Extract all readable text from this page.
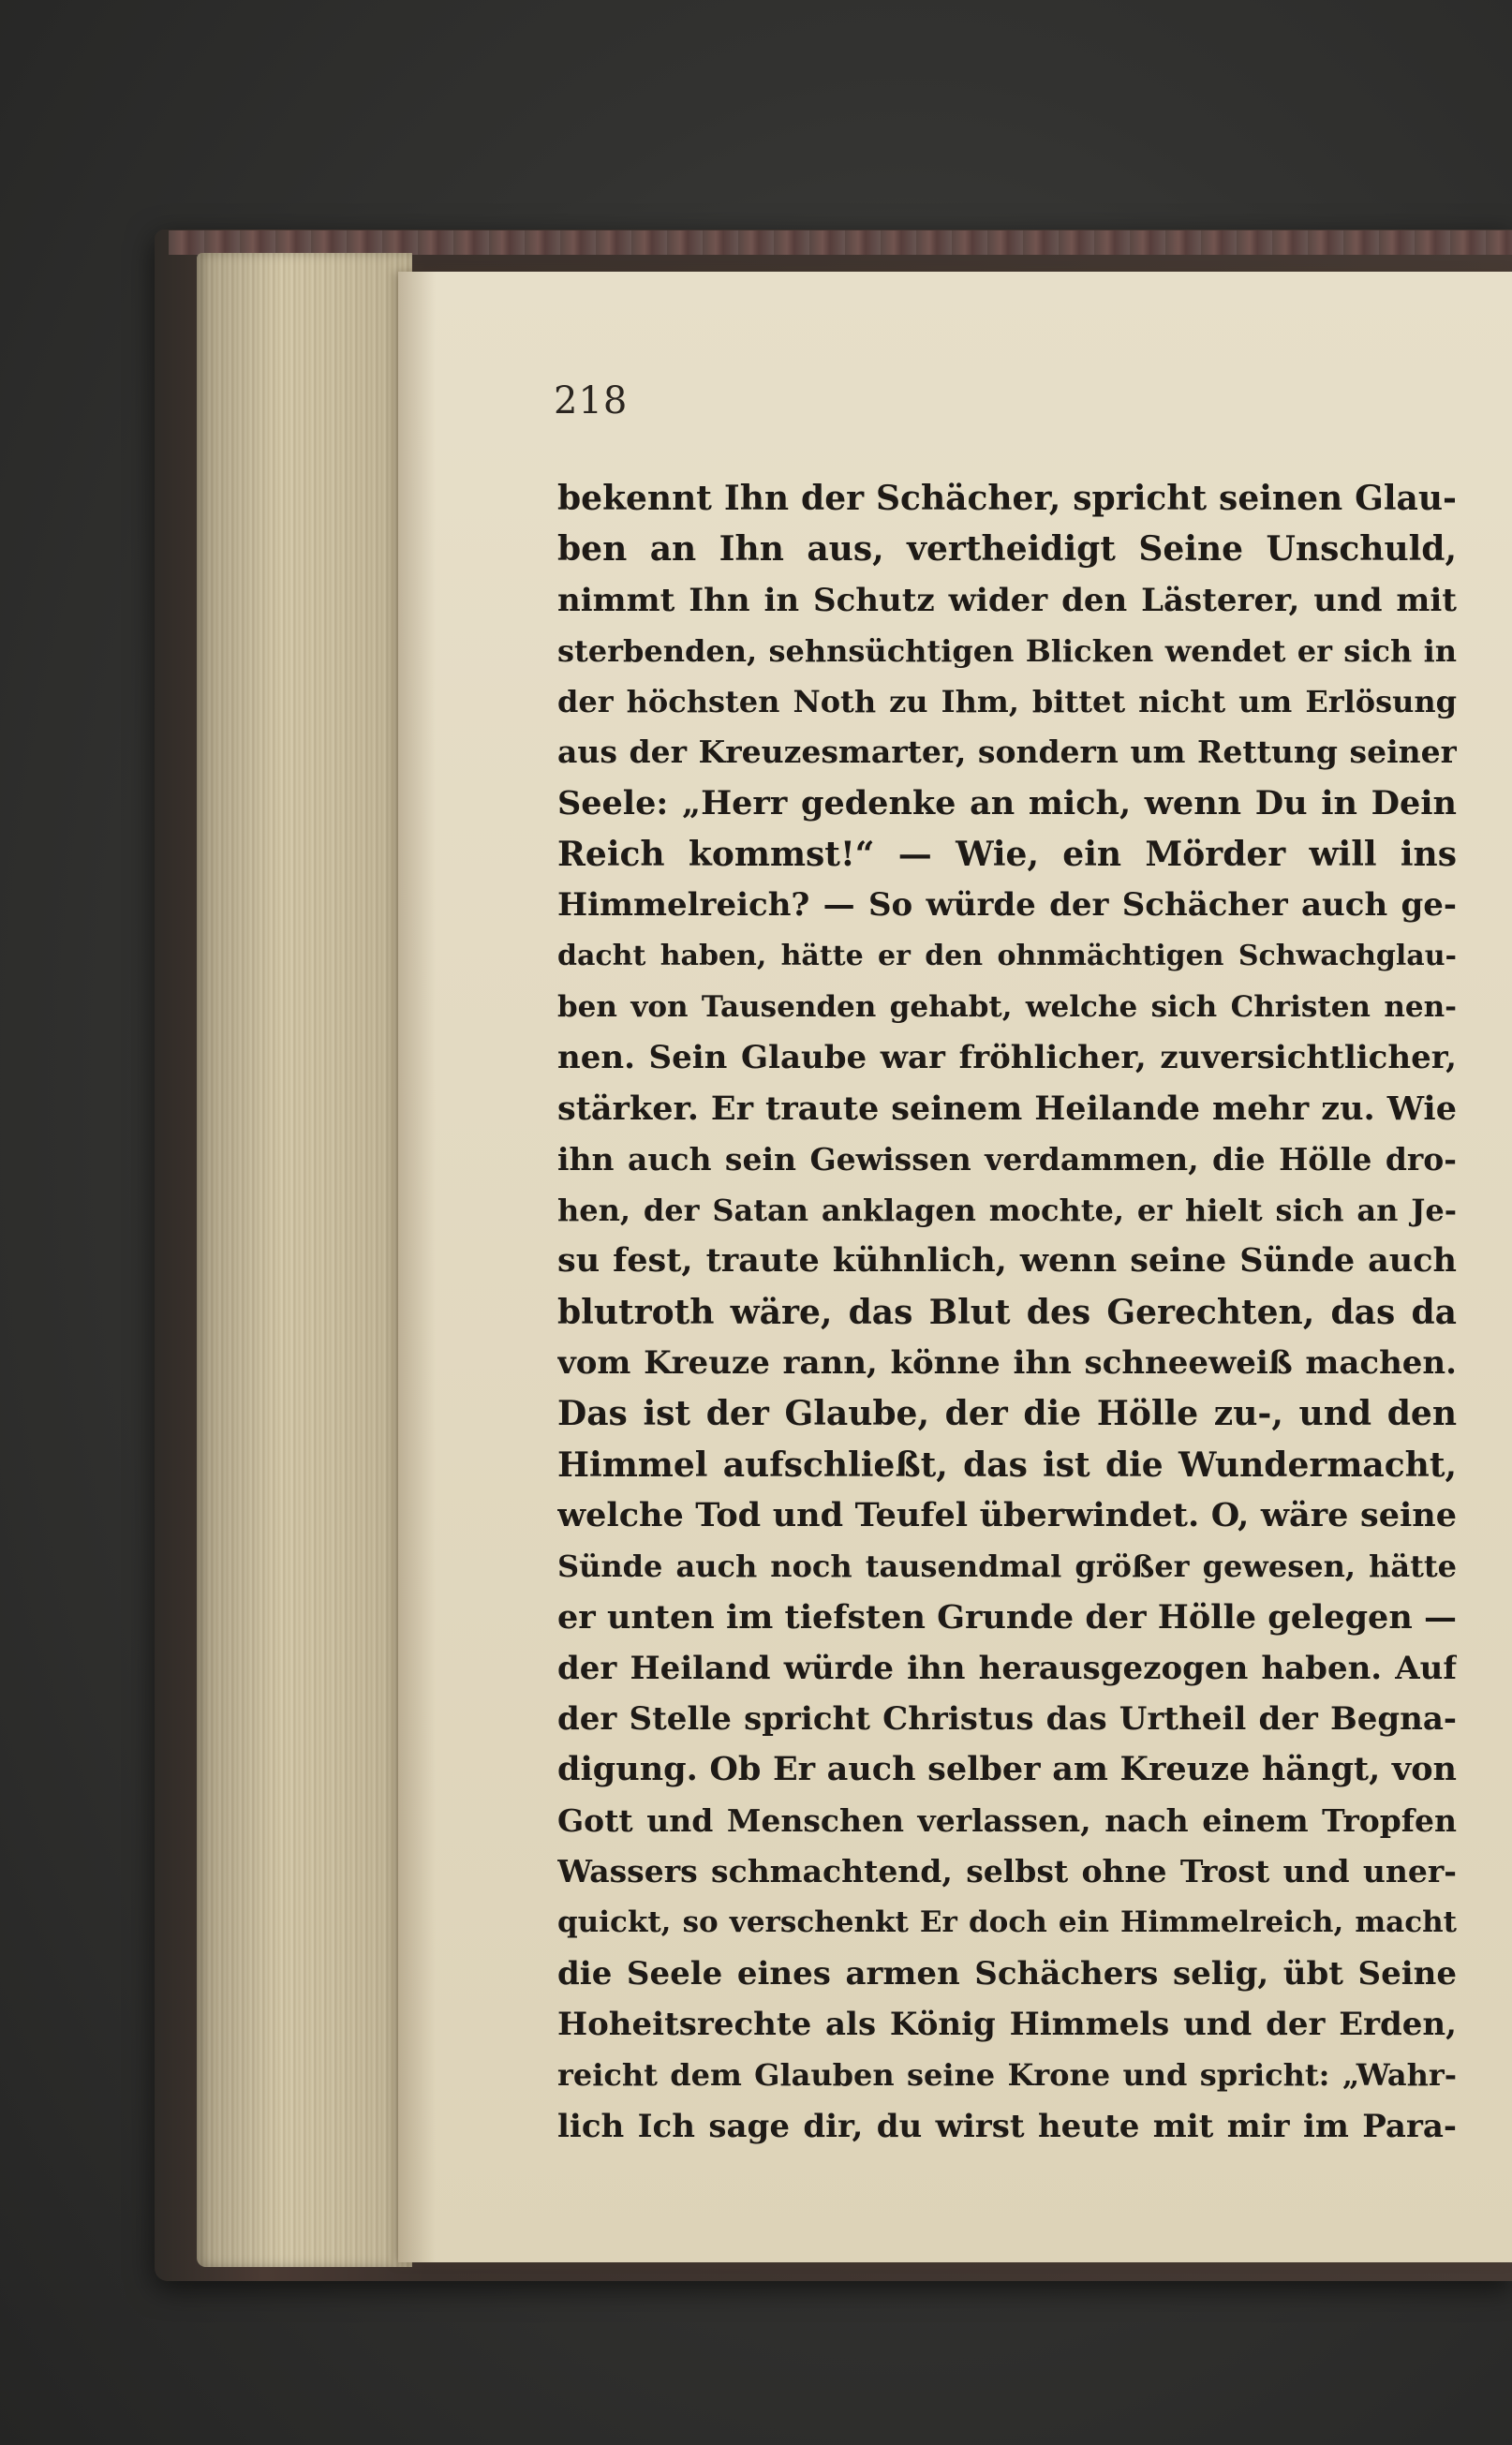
218
bekennt Ihn der Schächer, spricht seinen Glau-
ben an Ihn aus, vertheidigt Seine Unschuld,
nimmt Ihn in Schutz wider den Lästerer, und mit
sterbenden, sehnsüchtigen Blicken wendet er sich in
der höchsten Noth zu Ihm, bittet nicht um Erlösung
aus der Kreuzesmarter, sondern um Rettung seiner
Seele: „Herr gedenke an mich, wenn Du in Dein
Reich kommst!“ — Wie, ein Mörder will ins
Himmelreich? — So würde der Schächer auch ge-
dacht haben, hätte er den ohnmächtigen Schwachglau-
ben von Tausenden gehabt, welche sich Christen nen-
nen. Sein Glaube war fröhlicher, zuversichtlicher,
stärker. Er traute seinem Heilande mehr zu. Wie
ihn auch sein Gewissen verdammen, die Hölle dro-
hen, der Satan anklagen mochte, er hielt sich an Je-
su fest, traute kühnlich, wenn seine Sünde auch
blutroth wäre, das Blut des Gerechten, das da
vom Kreuze rann, könne ihn schneeweiß machen.
Das ist der Glaube, der die Hölle zu-, und den
Himmel aufschließt, das ist die Wundermacht,
welche Tod und Teufel überwindet. O, wäre seine
Sünde auch noch tausendmal größer gewesen, hätte
er unten im tiefsten Grunde der Hölle gelegen —
der Heiland würde ihn herausgezogen haben. Auf
der Stelle spricht Christus das Urtheil der Begna-
digung. Ob Er auch selber am Kreuze hängt, von
Gott und Menschen verlassen, nach einem Tropfen
Wassers schmachtend, selbst ohne Trost und uner-
quickt, so verschenkt Er doch ein Himmelreich, macht
die Seele eines armen Schächers selig, übt Seine
Hoheitsrechte als König Himmels und der Erden,
reicht dem Glauben seine Krone und spricht: „Wahr-
lich Ich sage dir, du wirst heute mit mir im Para-
